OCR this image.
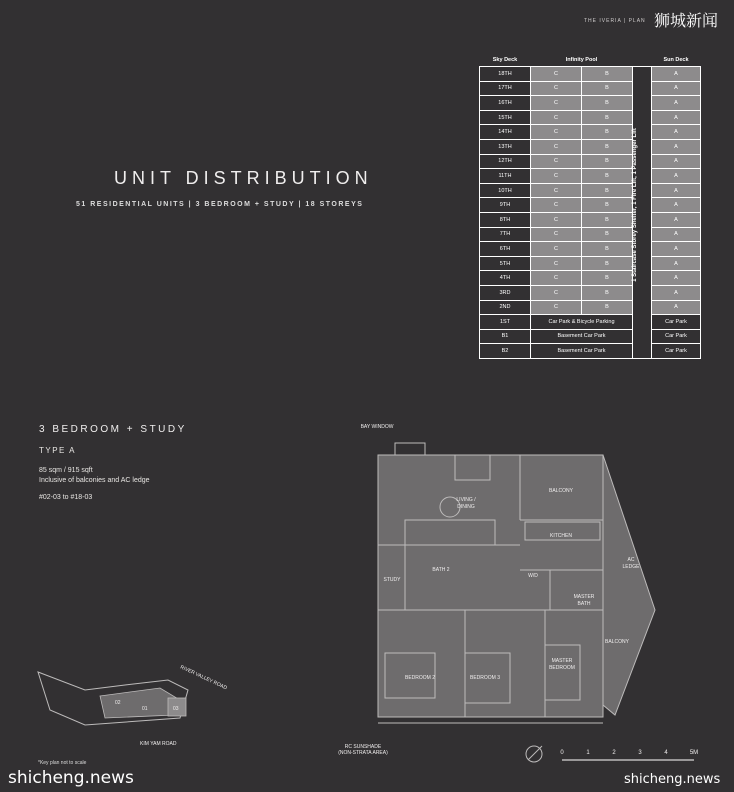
THE IVERIA | PLAN 狮城新闻
UNIT DISTRIBUTION
51 RESIDENTIAL UNITS | 3 BEDROOM + STUDY | 18 STOREYS
Sky Deck	Infinity Pool			Sun Deck
18TH	C	B		A
17TH	C	B		A
16TH	C	B		A
15TH	C	B		A
14TH	C	B		A
13TH	C	B		A
12TH	C	B		A
11TH	C	B		A
10TH	C	B		A
9TH	C	B		A
8TH	C	B		A
7TH	C	B		A
6TH	C	B		A
5TH	C	B		A
4TH	C	B		A
3RD	C	B		A
2ND	C	B		A
1ST	Car Park & Bicycle Parking			Car Park
B1	Basement Car Park			Car Park
B2	Basement Car Park			Car Park
1 Staircase Storey Shelter, 1 Fire Lift, 1 Passenger Lift
3 BEDROOM + STUDY
TYPE A
85 sqm / 915 sqft
Inclusive of balconies and AC ledge
#02-03 to #18-03
BAY WINDOW
LIVING /
DINING
BALCONY
KITCHEN
AC
LEDGE
BATH 2
STUDY
W/D
MASTER
BATH
BALCONY
BEDROOM 2	BEDROOM 3
MASTER
BEDROOM
RC SUNSHADE
(NON-STRATA AREA)
02
01	03
RIVER VALLEY ROAD
KIM YAM ROAD
*Key plan not to scale
0	1	2	3	4	5M
shicheng.news	shicheng.news
